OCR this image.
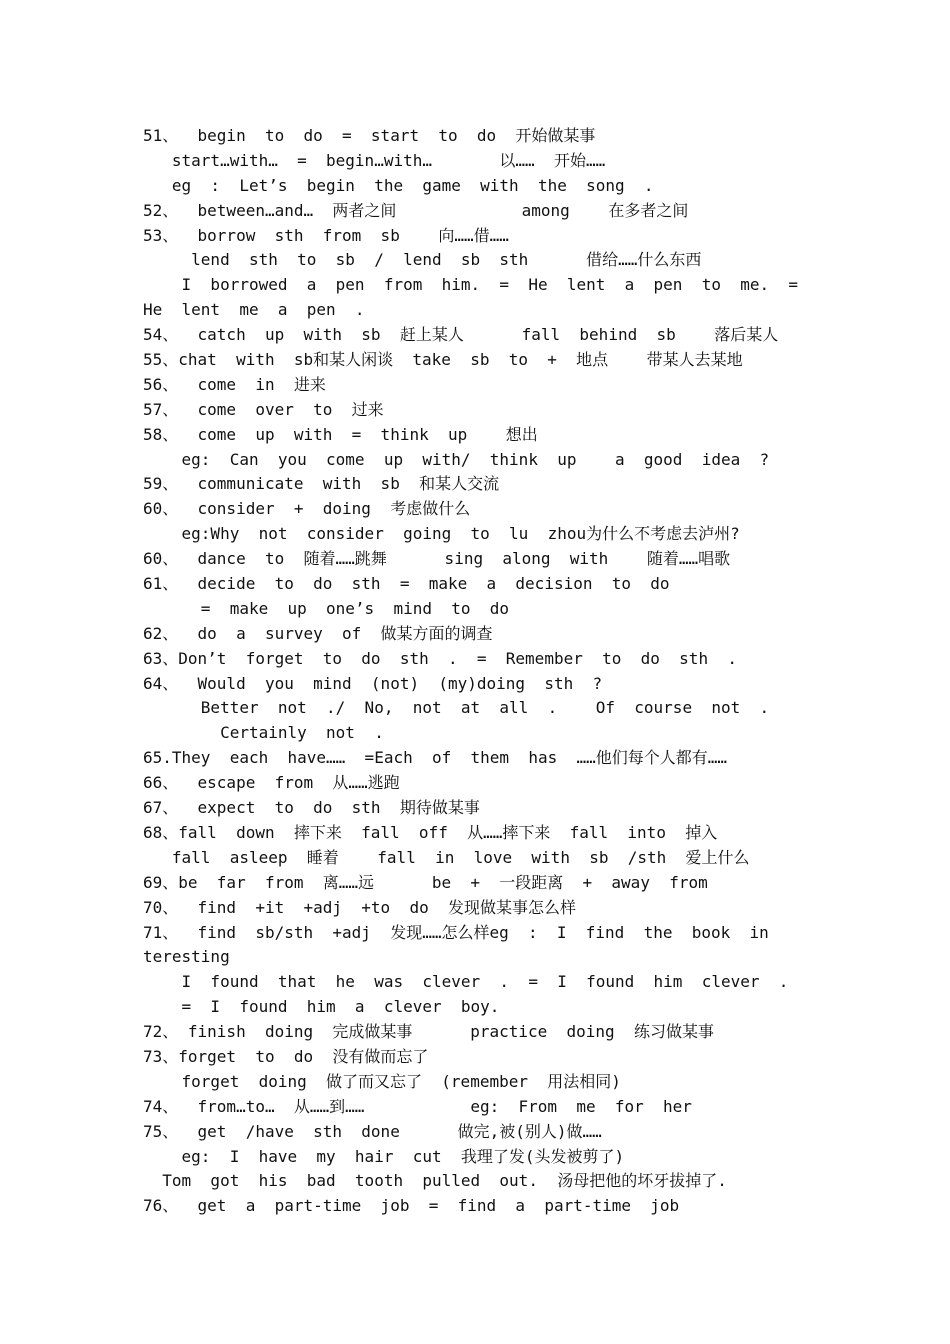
51、  begin  to  do  =  start  to  do  开始做某事
start…with…  =  begin…with…       以……  开始……
eg  :  Let’s  begin  the  game  with  the  song  .
52、  between…and…  两者之间             among    在多者之间
53、  borrow  sth  from  sb    向……借……
lend  sth  to  sb  /  lend  sb  sth      借给……什么东西
I  borrowed  a  pen  from  him.  =  He  lent  a  pen  to  me.  =
He  lent  me  a  pen  .
54、  catch  up  with  sb  赶上某人      fall  behind  sb    落后某人
55、chat  with  sb和某人闲谈  take  sb  to  +  地点    带某人去某地
56、  come  in  进来
57、  come  over  to  过来
58、  come  up  with  =  think  up    想出
eg:  Can  you  come  up  with/  think  up    a  good  idea  ?
59、  communicate  with  sb  和某人交流
60、  consider  +  doing  考虑做什么
eg:Why  not  consider  going  to  lu  zhou为什么不考虑去泸州?
60、  dance  to  随着……跳舞      sing  along  with    随着……唱歌
61、  decide  to  do  sth  =  make  a  decision  to  do
=  make  up  one’s  mind  to  do
62、  do  a  survey  of  做某方面的调查
63、Don’t  forget  to  do  sth  .  =  Remember  to  do  sth  .
64、  Would  you  mind  (not)  (my)doing  sth  ?
Better  not  ./  No,  not  at  all  .    Of  course  not  .
Certainly  not  .
65.They  each  have……  =Each  of  them  has  ……他们每个人都有……
66、  escape  from  从……逃跑
67、  expect  to  do  sth  期待做某事
68、fall  down  摔下来  fall  off  从……摔下来  fall  into  掉入
fall  asleep  睡着    fall  in  love  with  sb  /sth  爱上什么
69、be  far  from  离……远      be  +  一段距离  +  away  from
70、  find  +it  +adj  +to  do  发现做某事怎么样
71、  find  sb/sth  +adj  发现……怎么样eg  :  I  find  the  book  in
teresting
I  found  that  he  was  clever  .  =  I  found  him  clever  .
=  I  found  him  a  clever  boy.
72、 finish  doing  完成做某事      practice  doing  练习做某事
73、forget  to  do  没有做而忘了
forget  doing  做了而又忘了  (remember  用法相同)
74、  from…to…  从……到……           eg:  From  me  for  her
75、  get  /have  sth  done      做完,被(别人)做……
eg:  I  have  my  hair  cut  我理了发(头发被剪了)
Tom  got  his  bad  tooth  pulled  out.  汤母把他的坏牙拔掉了.
76、  get  a  part-time  job  =  find  a  part-time  job
